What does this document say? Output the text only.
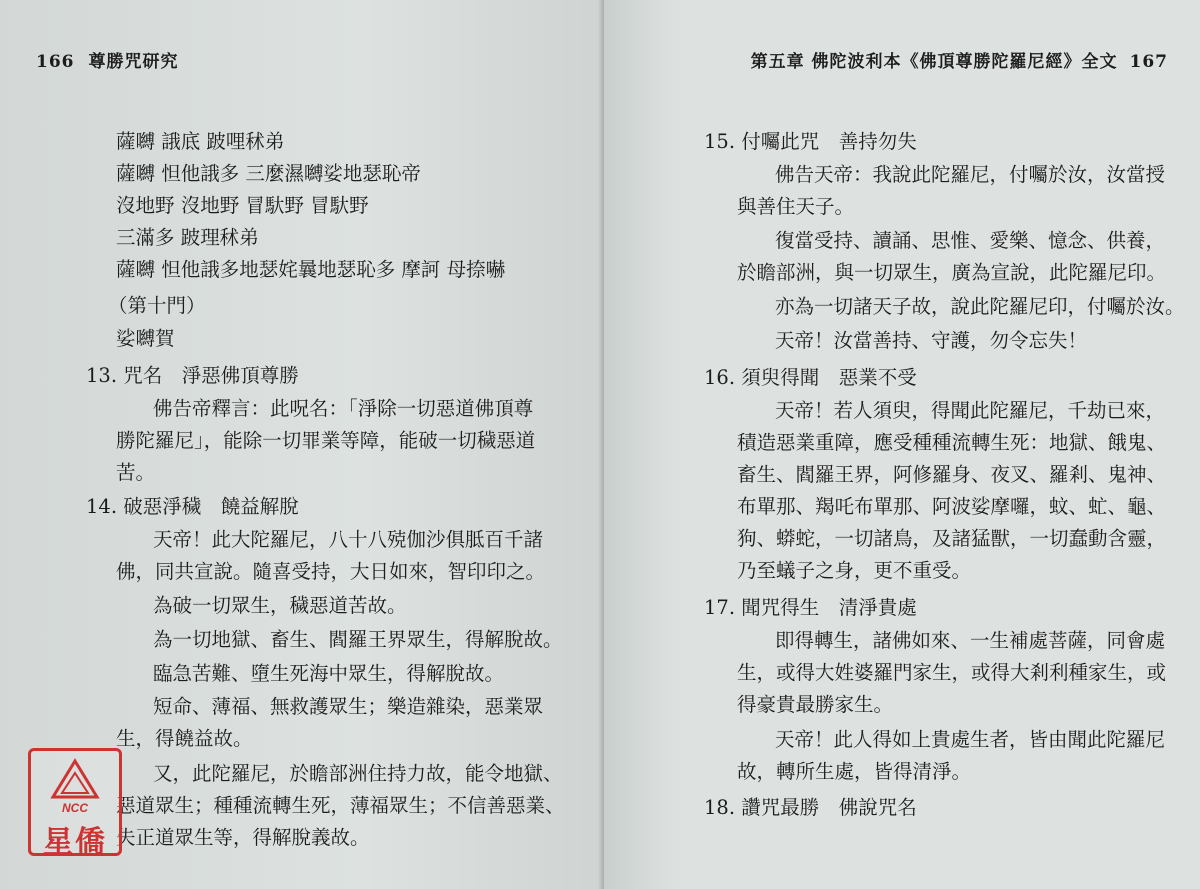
166 尊勝咒研究
薩嚩 誐底 跛哩秫弟
薩嚩 怛他誐多 三麼濕嚩娑地瑟恥帝
沒地野 沒地野 冒馱野 冒馱野
三滿多 跛理秫弟
薩嚩 怛他誐多地瑟姹曩地瑟恥多 摩訶 母捺嚇
（第十門）
娑嚩賀
13. 咒名　淨惡佛頂尊勝
佛告帝釋言：此呪名：「淨除一切惡道佛頂尊
勝陀羅尼」，能除一切罪業等障，能破一切穢惡道
苦。
14. 破惡淨穢　饒益解脫
天帝！此大陀羅尼，八十八殑伽沙俱胝百千諸
佛，同共宣說。隨喜受持，大日如來，智印印之。
為破一切眾生，穢惡道苦故。
為一切地獄、畜生、閻羅王界眾生，得解脫故。
臨急苦難、墮生死海中眾生，得解脫故。
短命、薄福、無救護眾生；樂造雜染，惡業眾
生，得饒益故。
又，此陀羅尼，於瞻部洲住持力故，能令地獄、
惡道眾生；種種流轉生死，薄福眾生；不信善惡業、
失正道眾生等，得解脫義故。
NCC
星僑
第五章 佛陀波利本《佛頂尊勝陀羅尼經》全文 167
15. 付囑此咒　善持勿失
佛告天帝：我說此陀羅尼，付囑於汝，汝當授
與善住天子。
復當受持、讀誦、思惟、愛樂、憶念、供養，
於瞻部洲，與一切眾生，廣為宣說，此陀羅尼印。
亦為一切諸天子故，說此陀羅尼印，付囑於汝。
天帝！汝當善持、守護，勿令忘失！
16. 須臾得聞　惡業不受
天帝！若人須臾，得聞此陀羅尼，千劫已來，
積造惡業重障，應受種種流轉生死：地獄、餓鬼、
畜生、閻羅王界，阿修羅身、夜叉、羅剎、鬼神、
布單那、羯吒布單那、阿波娑摩囉，蚊、虻、龜、
狗、蟒蛇，一切諸鳥，及諸猛獸，一切蠢動含靈，
乃至蟻子之身，更不重受。
17. 聞咒得生　清淨貴處
即得轉生，諸佛如來、一生補處菩薩，同會處
生，或得大姓婆羅門家生，或得大剎利種家生，或
得豪貴最勝家生。
天帝！此人得如上貴處生者，皆由聞此陀羅尼
故，轉所生處，皆得清淨。
18. 讚咒最勝　佛說咒名
